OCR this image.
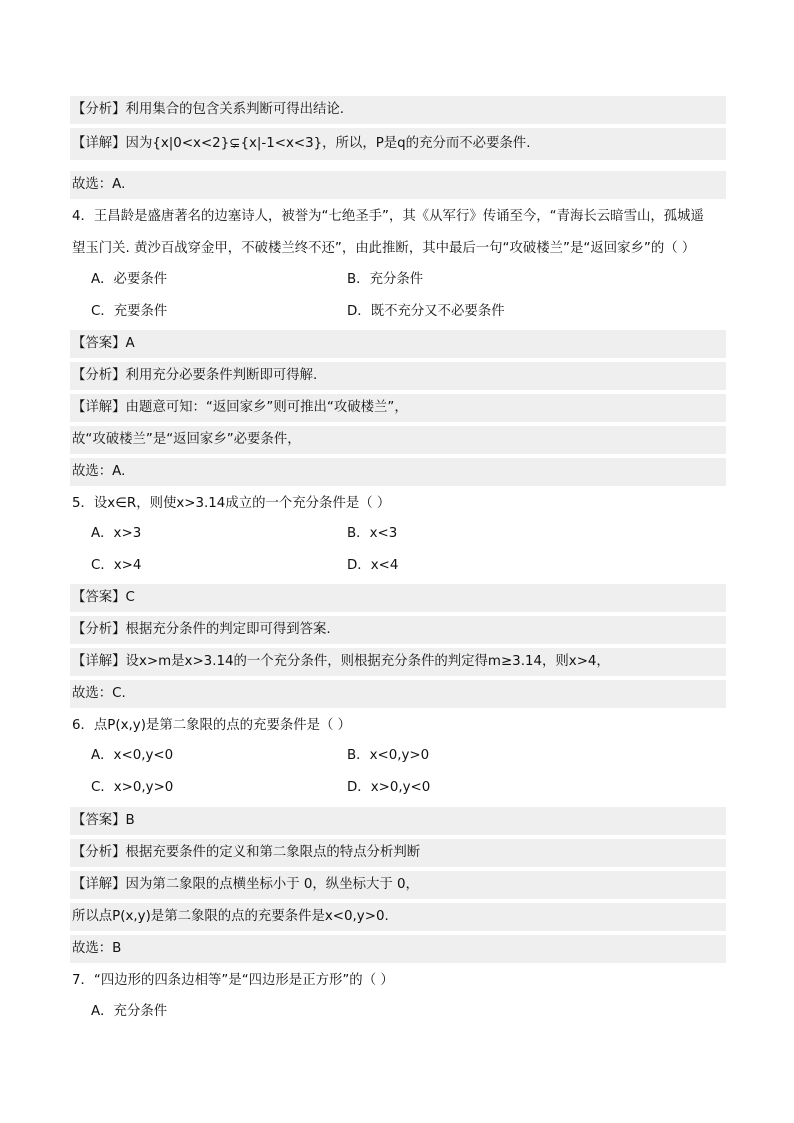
【分析】利用集合的包含关系判断可得出结论.
【详解】因为{x|0<x<2}⊊{x|-1<x<3}，所以，P是q的充分而不必要条件.
故选：A.
4．王昌龄是盛唐著名的边塞诗人，被誉为“七绝圣手”，其《从军行》传诵至今，“青海长云暗雪山，孤城遥
望玉门关. 黄沙百战穿金甲，不破楼兰终不还”，由此推断，其中最后一句“攻破楼兰”是“返回家乡”的（ ）
A．必要条件	B．充分条件
C．充要条件	D．既不充分又不必要条件
【答案】A
【分析】利用充分必要条件判断即可得解.
【详解】由题意可知：“返回家乡”则可推出“攻破楼兰”，
故“攻破楼兰”是“返回家乡”必要条件，
故选：A.
5．设x∈R，则使x>3.14成立的一个充分条件是（ ）
A．x>3	B．x<3
C．x>4	D．x<4
【答案】C
【分析】根据充分条件的判定即可得到答案.
【详解】设x>m是x>3.14的一个充分条件，则根据充分条件的判定得m≥3.14，则x>4，
故选：C.
6．点P(x,y)是第二象限的点的充要条件是（ ）
A．x<0,y<0	B．x<0,y>0
C．x>0,y>0	D．x>0,y<0
【答案】B
【分析】根据充要条件的定义和第二象限点的特点分析判断
【详解】因为第二象限的点横坐标小于 0，纵坐标大于 0，
所以点P(x,y)是第二象限的点的充要条件是x<0,y>0.
故选：B
7．“四边形的四条边相等”是“四边形是正方形”的（ ）
A．充分条件
